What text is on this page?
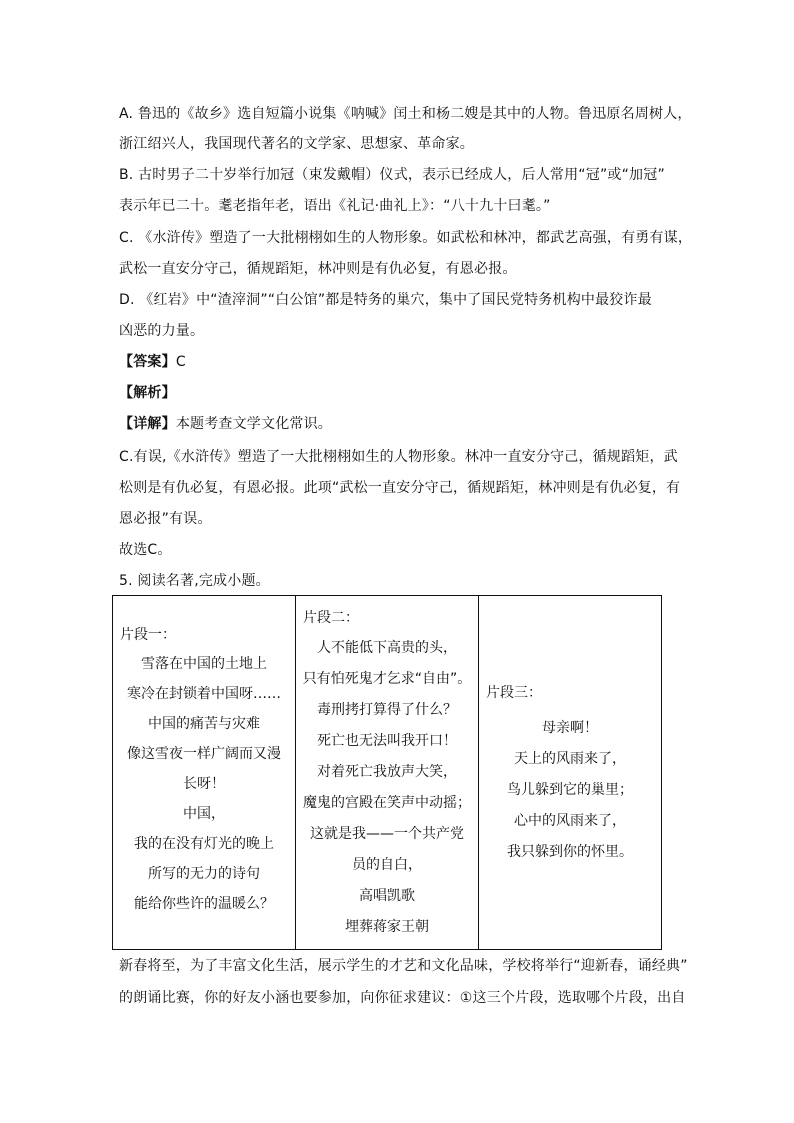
A. 鲁迅的《故乡》选自短篇小说集《呐喊》闰土和杨二嫂是其中的人物。鲁迅原名周树人，
浙江绍兴人，我国现代著名的文学家、思想家、革命家。
B. 古时男子二十岁举行加冠（束发戴帽）仪式，表示已经成人，后人常用“冠”或“加冠”
表示年已二十。耄老指年老，语出《礼记·曲礼上》：“八十九十曰耄。”
C. 《水浒传》塑造了一大批栩栩如生的人物形象。如武松和林冲，都武艺高强，有勇有谋，
武松一直安分守己，循规蹈矩，林冲则是有仇必复，有恩必报。
D. 《红岩》中“渣滓洞”“白公馆”都是特务的巢穴，集中了国民党特务机构中最狡诈最
凶恶的力量。
【答案】C
【解析】
【详解】本题考查文学文化常识。
C.有误,《水浒传》塑造了一大批栩栩如生的人物形象。林冲一直安分守己，循规蹈矩，武
松则是有仇必复，有恩必报。此项“武松一直安分守己，循规蹈矩，林冲则是有仇必复，有
恩必报”有误。
故选C。
5. 阅读名著,完成小题。
片段一：
雪落在中国的土地上
寒冷在封锁着中国呀……
中国的痛苦与灾难
像这雪夜一样广阔而又漫
长呀！
中国，
我的在没有灯光的晚上
所写的无力的诗句
能给你些许的温暖么？

片段二：
人不能低下高贵的头，
只有怕死鬼才乞求“自由”。
毒刑拷打算得了什么？
死亡也无法叫我开口！
对着死亡我放声大笑，
魔鬼的宫殿在笑声中动摇；
这就是我——一个共产党
员的自白，
高唱凯歌
埋葬蒋家王朝

片段三：
母亲啊！
天上的风雨来了，
鸟儿躲到它的巢里；
心中的风雨来了，
我只躲到你的怀里。
新春将至，为了丰富文化生活，展示学生的才艺和文化品味，学校将举行“迎新春，诵经典”
的朗诵比赛，你的好友小涵也要参加，向你征求建议：①这三个片段，选取哪个片段，出自
